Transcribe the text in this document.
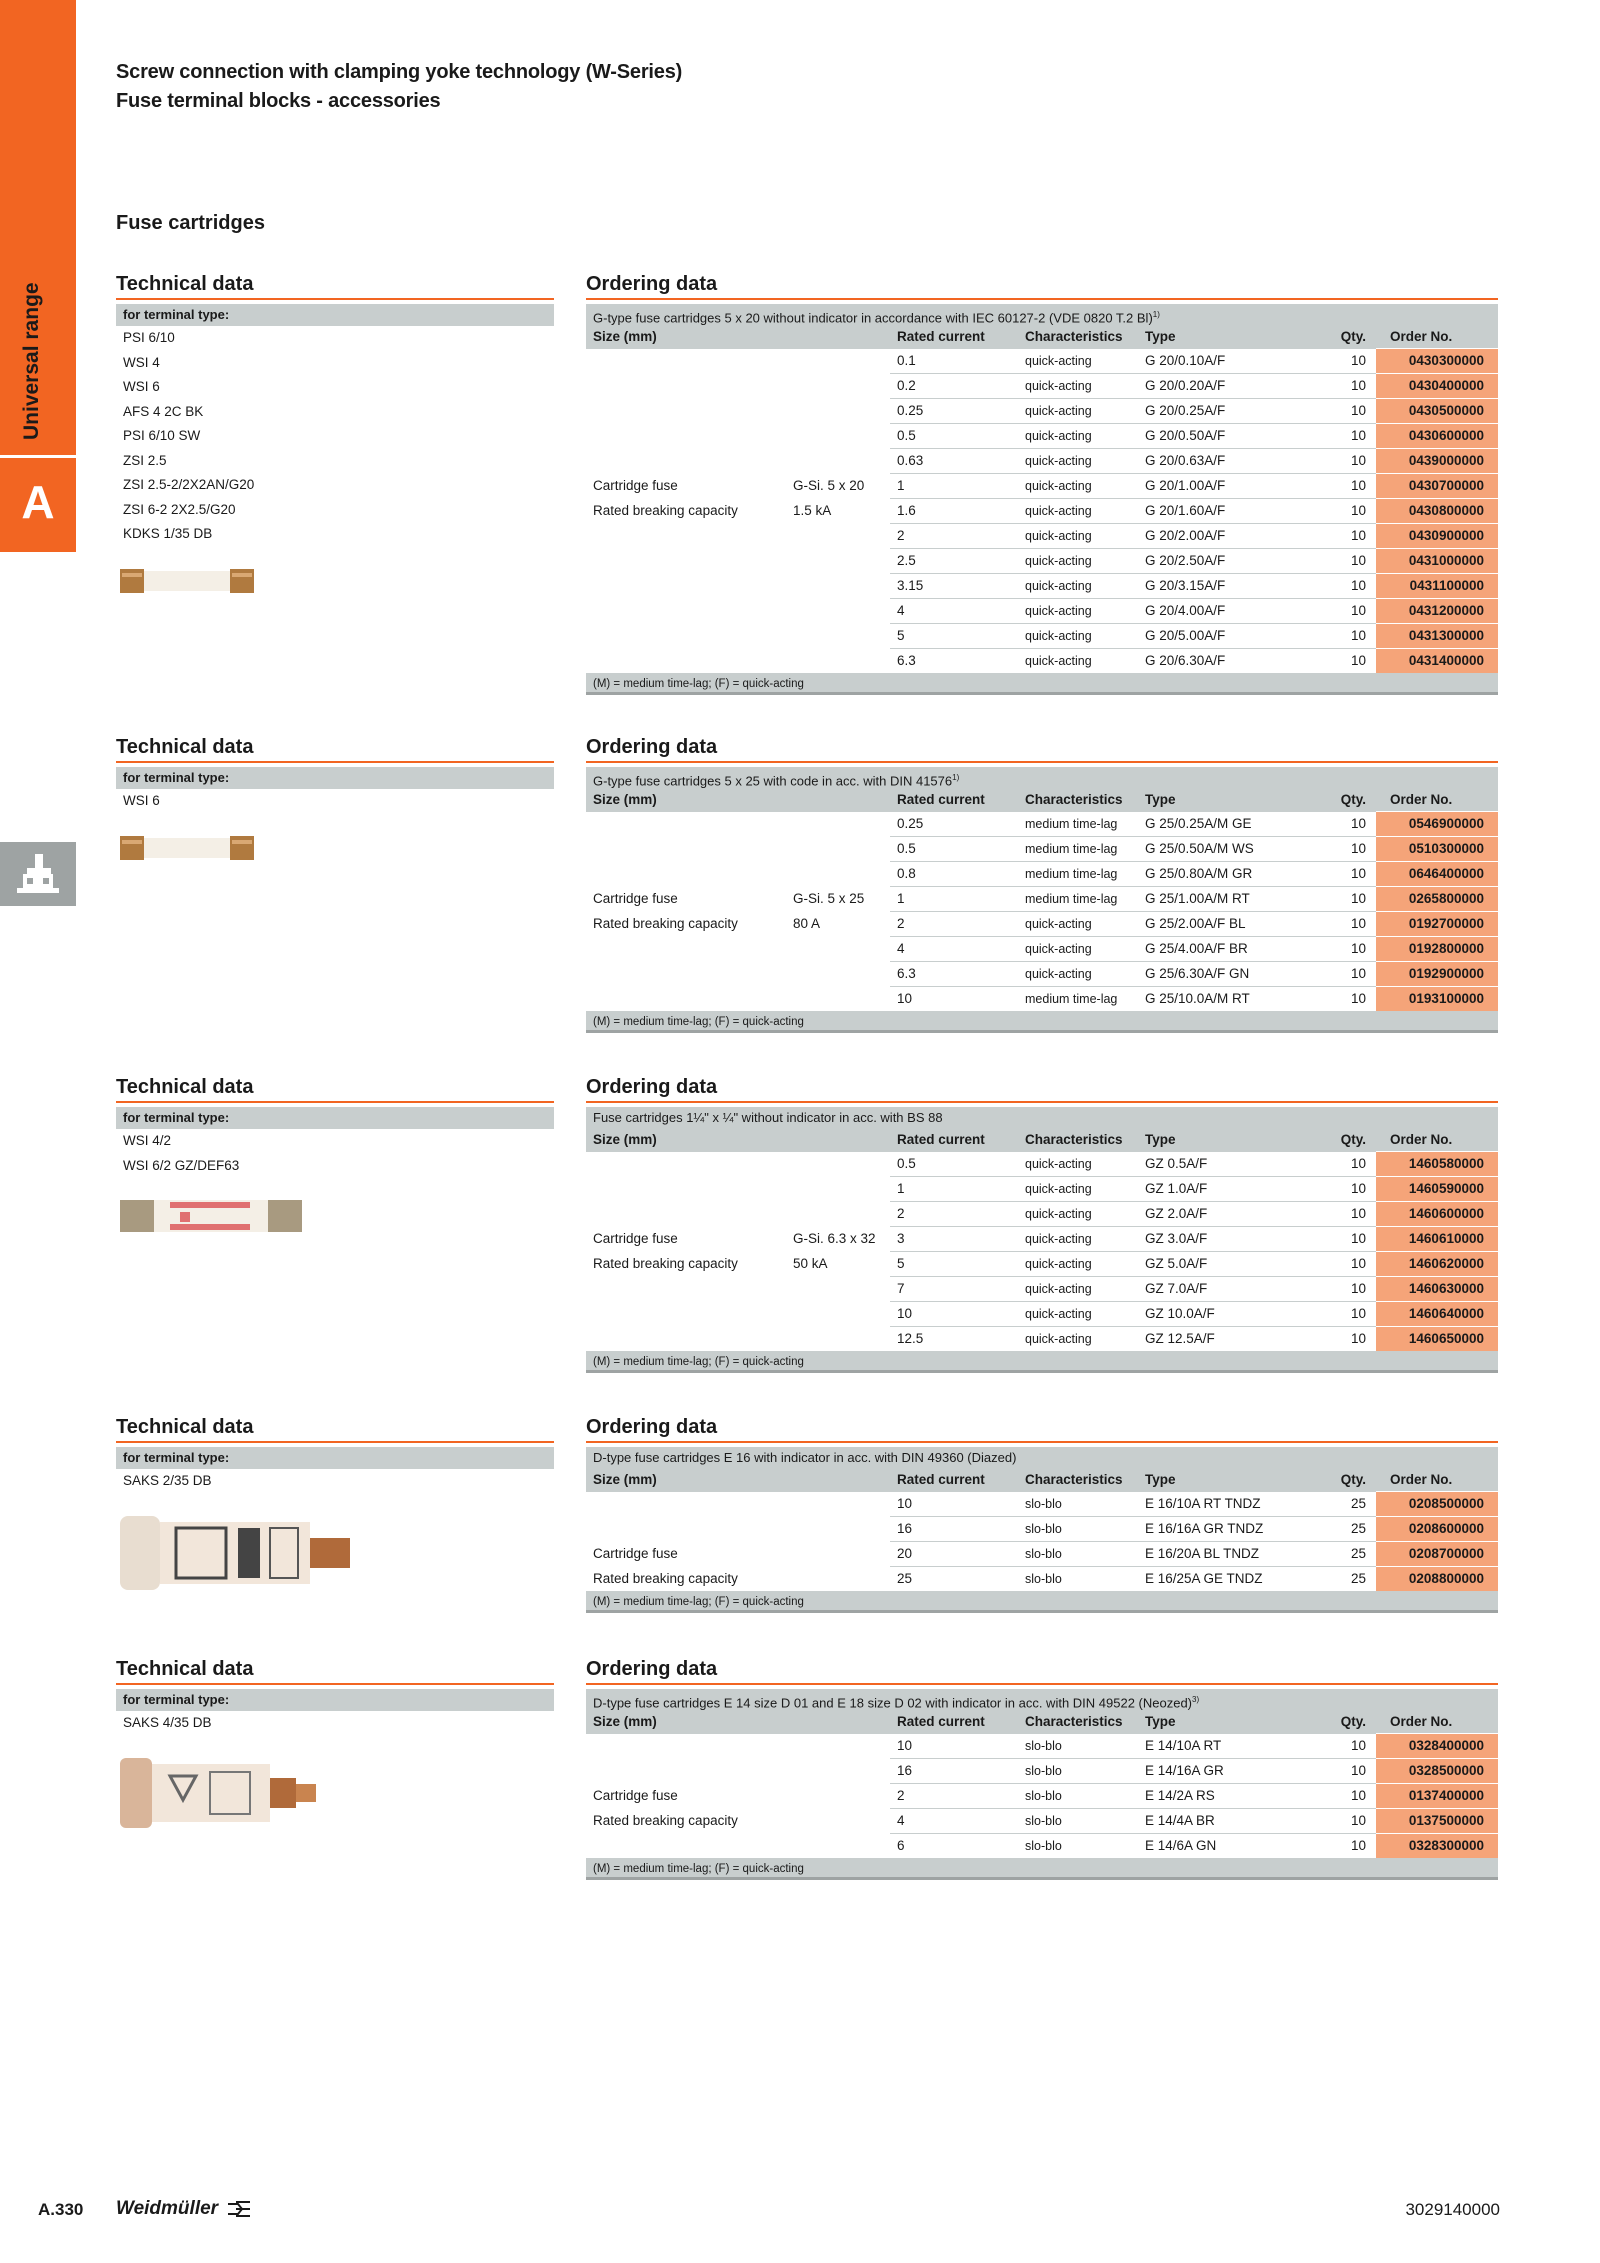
Universal range
A
Screw connection with clamping yoke technology (W-Series)
Fuse terminal blocks - accessories
Fuse cartridges
Technical data
for terminal type:
PSI 6/10
WSI 4
WSI 6
AFS 4 2C BK
PSI 6/10 SW
ZSI 2.5
ZSI 2.5-2/2X2AN/G20
ZSI 6-2 2X2.5/G20
KDKS 1/35 DB
Ordering data
G-type fuse cartridges 5 x 20 without indicator in accordance with IEC 60127-2 (VDE 0820 T.2 Bl)$^{1)}$
Size (mm)		Rated current	Characteristics	Type	Qty.	Order No.
		0.1	quick-acting	G 20/0.10A/F	10	0430300000
		0.2	quick-acting	G 20/0.20A/F	10	0430400000
		0.25	quick-acting	G 20/0.25A/F	10	0430500000
		0.5	quick-acting	G 20/0.50A/F	10	0430600000
		0.63	quick-acting	G 20/0.63A/F	10	0439000000
Cartridge fuse	G-Si. 5 x 20	1	quick-acting	G 20/1.00A/F	10	0430700000
Rated breaking capacity	1.5 kA	1.6	quick-acting	G 20/1.60A/F	10	0430800000
		2	quick-acting	G 20/2.00A/F	10	0430900000
		2.5	quick-acting	G 20/2.50A/F	10	0431000000
		3.15	quick-acting	G 20/3.15A/F	10	0431100000
		4	quick-acting	G 20/4.00A/F	10	0431200000
		5	quick-acting	G 20/5.00A/F	10	0431300000
		6.3	quick-acting	G 20/6.30A/F	10	0431400000
(M) = medium time-lag; (F) = quick-acting
Technical data
for terminal type:
WSI 6
Ordering data
G-type fuse cartridges 5 x 25 with code in acc. with DIN 41576$^{1)}$
Size (mm)		Rated current	Characteristics	Type	Qty.	Order No.
		0.25	medium time-lag	G 25/0.25A/M GE	10	0546900000
		0.5	medium time-lag	G 25/0.50A/M WS	10	0510300000
		0.8	medium time-lag	G 25/0.80A/M GR	10	0646400000
Cartridge fuse	G-Si. 5 x 25	1	medium time-lag	G 25/1.00A/M RT	10	0265800000
Rated breaking capacity	80 A	2	quick-acting	G 25/2.00A/F BL	10	0192700000
		4	quick-acting	G 25/4.00A/F BR	10	0192800000
		6.3	quick-acting	G 25/6.30A/F GN	10	0192900000
		10	medium time-lag	G 25/10.0A/M RT	10	0193100000
(M) = medium time-lag; (F) = quick-acting
Technical data
for terminal type:
WSI 4/2
WSI 6/2 GZ/DEF63
Ordering data
Fuse cartridges 1¼" x ¼" without indicator in acc. with BS 88
Size (mm)		Rated current	Characteristics	Type	Qty.	Order No.
		0.5	quick-acting	GZ 0.5A/F	10	1460580000
		1	quick-acting	GZ 1.0A/F	10	1460590000
		2	quick-acting	GZ 2.0A/F	10	1460600000
Cartridge fuse	G-Si. 6.3 x 32	3	quick-acting	GZ 3.0A/F	10	1460610000
Rated breaking capacity	50 kA	5	quick-acting	GZ 5.0A/F	10	1460620000
		7	quick-acting	GZ 7.0A/F	10	1460630000
		10	quick-acting	GZ 10.0A/F	10	1460640000
		12.5	quick-acting	GZ 12.5A/F	10	1460650000
(M) = medium time-lag; (F) = quick-acting
Technical data
for terminal type:
SAKS 2/35 DB
Ordering data
D-type fuse cartridges E 16 with indicator in acc. with DIN 49360 (Diazed)
Size (mm)		Rated current	Characteristics	Type	Qty.	Order No.
		10	slo-blo	E 16/10A RT TNDZ	25	0208500000
		16	slo-blo	E 16/16A GR TNDZ	25	0208600000
Cartridge fuse		20	slo-blo	E 16/20A BL TNDZ	25	0208700000
Rated breaking capacity		25	slo-blo	E 16/25A GE TNDZ	25	0208800000
(M) = medium time-lag; (F) = quick-acting
Technical data
for terminal type:
SAKS 4/35 DB
Ordering data
D-type fuse cartridges E 14 size D 01 and E 18 size D 02 with indicator in acc. with DIN 49522 (Neozed)$^{3)}$
Size (mm)		Rated current	Characteristics	Type	Qty.	Order No.
		10	slo-blo	E 14/10A RT	10	0328400000
		16	slo-blo	E 14/16A GR	10	0328500000
Cartridge fuse		2	slo-blo	E 14/2A RS	10	0137400000
Rated breaking capacity		4	slo-blo	E 14/4A BR	10	0137500000
		6	slo-blo	E 14/6A GN	10	0328300000
(M) = medium time-lag; (F) = quick-acting
A.330 Weidmüller	3029140000
